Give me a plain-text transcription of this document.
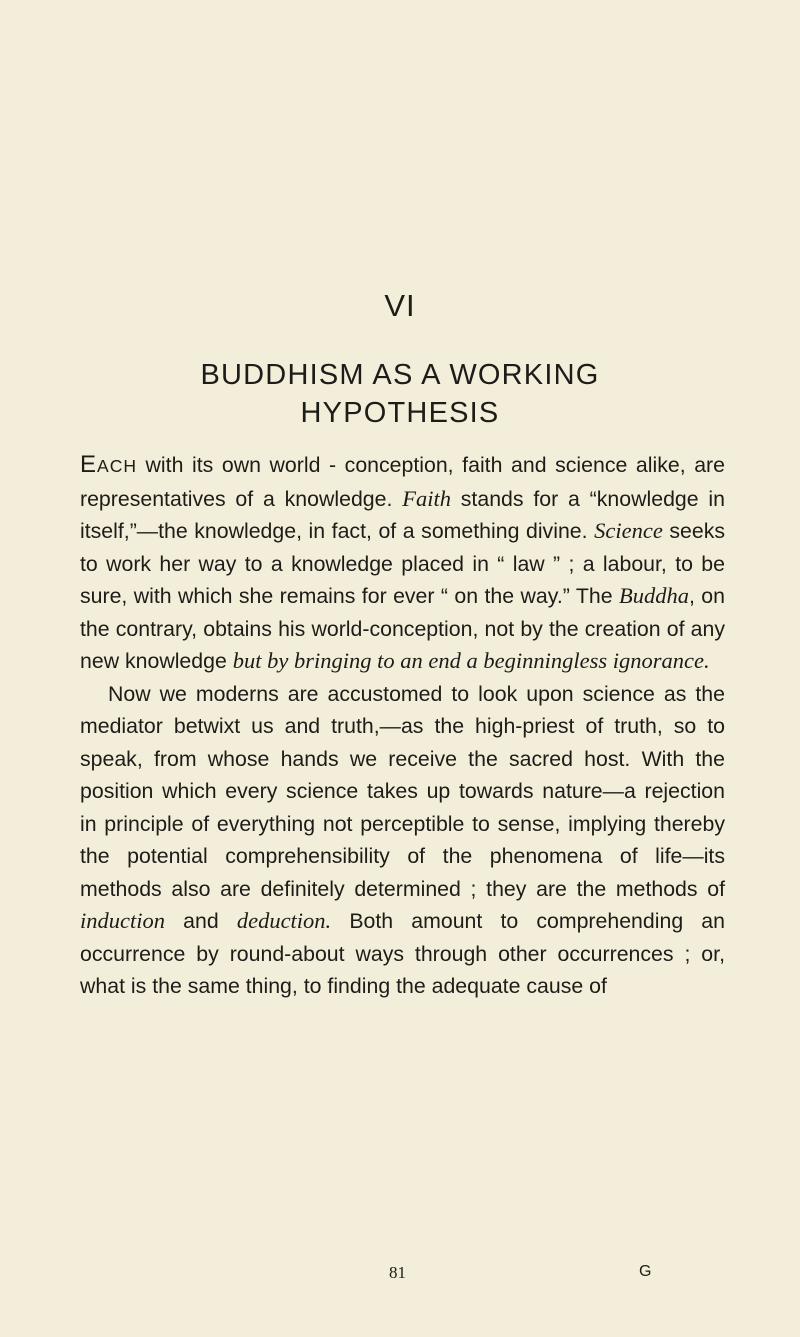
VI
BUDDHISM AS A WORKING
HYPOTHESIS

EACH with its own world - conception, faith and science alike, are representatives of a knowledge. Faith stands for a “knowledge in itself,”—the knowledge, in fact, of a something divine. Science seeks to work her way to a knowledge placed in “ law ” ; a labour, to be sure, with which she remains for ever “ on the way.” The Buddha, on the contrary, obtains his world-conception, not by the creation of any new knowledge but by bringing to an end a beginningless ignorance.

Now we moderns are accustomed to look upon science as the mediator betwixt us and truth,—as the high-priest of truth, so to speak, from whose hands we receive the sacred host. With the position which every science takes up towards nature—a rejection in principle of everything not perceptible to sense, implying thereby the potential comprehensibility of the phenomena of life—its methods also are definitely determined ; they are the methods of induction and deduction. Both amount to comprehending an occurrence by round-about ways through other occurrences ; or, what is the same thing, to finding the adequate cause of

81	G
